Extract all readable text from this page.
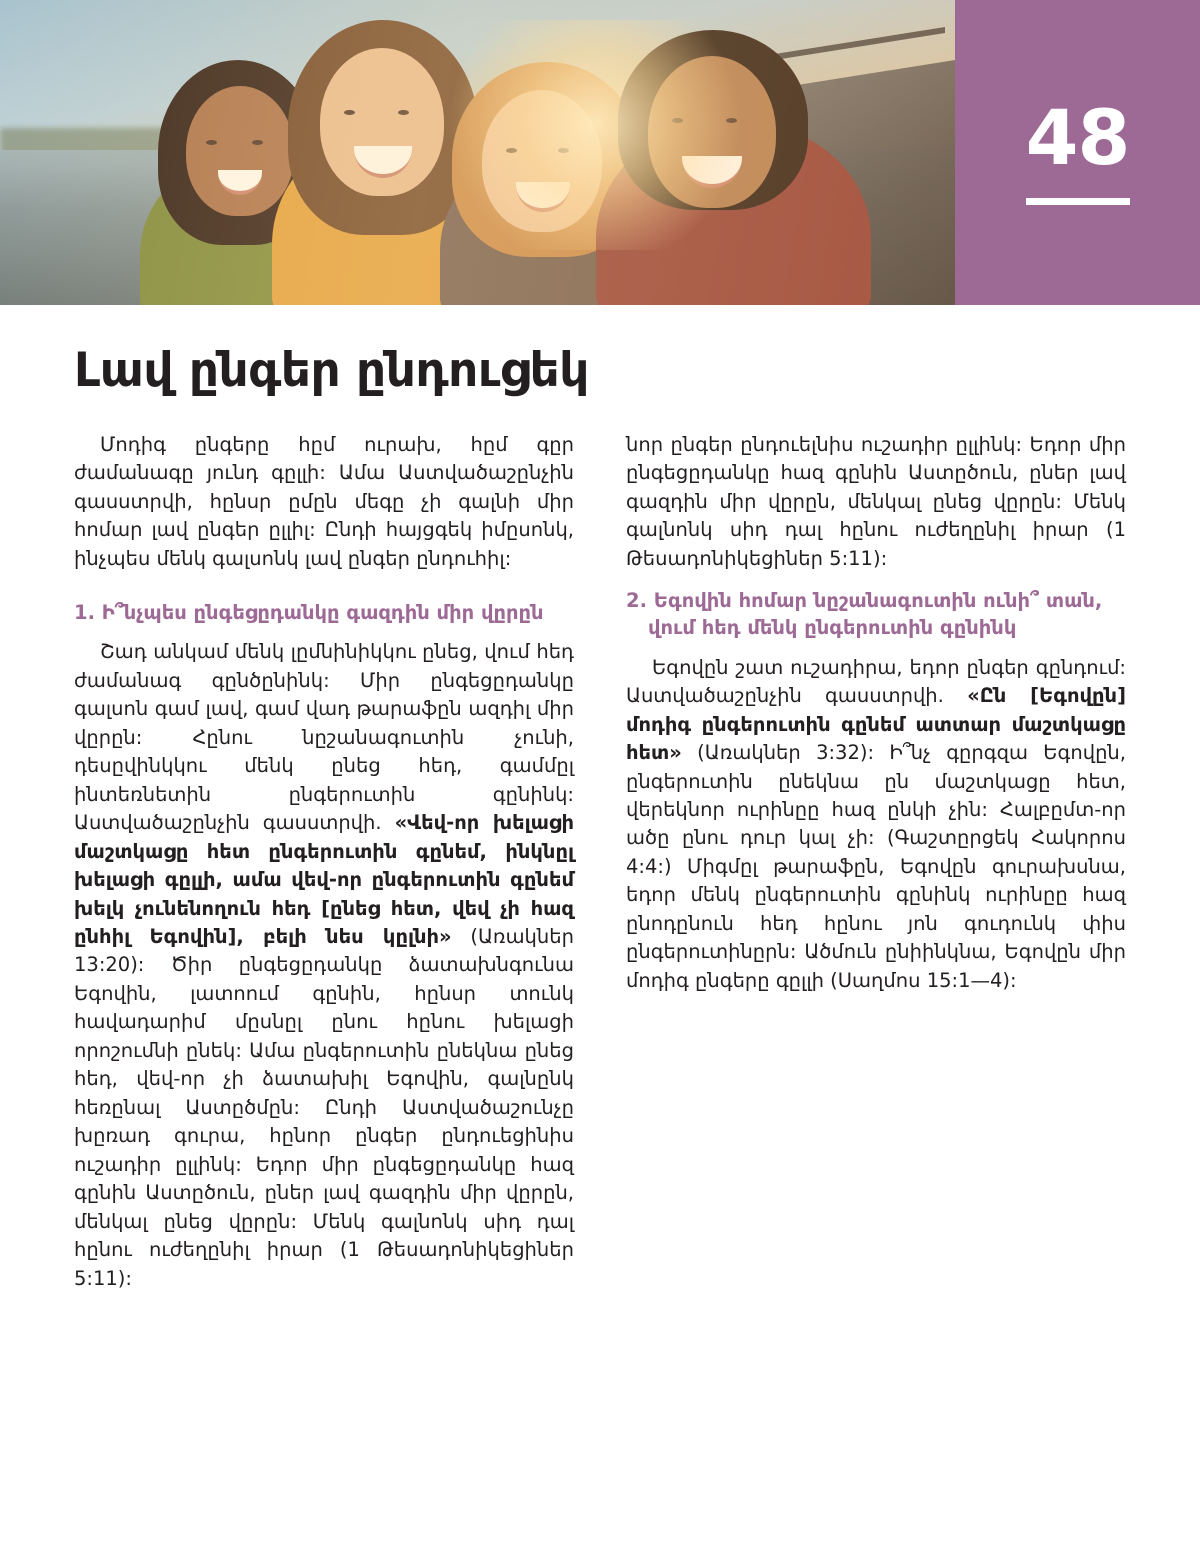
48
Լավ ընգեր ընդուցեկ

Մոդիգ ընգերը հըմ ուրախ, հըմ գըր ժամանագը յունդ գըլլի: Ամա Աստվածաշընչին գասստրվի, հընսր ըմըն մեգը չի գալնի միր հոմար լավ ընգեր ըլլիլ: Ընդի հայցգեկ իմըսոնկ, ինչպես մենկ գալսոնկ լավ ընգեր ընդուհիլ:

1. Ի՞նչպես ընգեցըդանկը գազդին միր վըրըն

Շադ անկամ մենկ լըմնինիկկու ընեց, վում հեդ ժամանագ գընծընինկ: Միր ընգեցըդանկը գալսոն գամ լավ, գամ վադ թարաֆըն ազդիլ միր վըրըն: Հընու նըշանագուտին չունի, դեսըվինկկու մենկ ընեց հեդ, գամմըլ ինտեռնետին ընգերուտին գընինկ: Աստվածաշընչին գասստրվի. «Վեվ-որ խելացի մաշտկացը հետ ընգերուտին գընեմ, ինկնըլ խելացի գըլլի, ամա վեվ-որ ընգերուտին գընեմ խելկ չունենողուն հեդ [ընեց հետ, վեվ չի հազ ընհիլ Եգովին], բելի նես կըլնի» (Առակներ 13:20): Ծիր ընգեցըդանկը ձատախնգունա Եգովին, լատոում գընին, հընսր տունկ հավադարիմ մըսնըլ ընու հընու խելացի որոշումնի ընեկ: Ամա ընգերուտին ընեկնա ընեց հեդ, վեվ-որ չի ձատախիլ Եգովին, գալնընկ հեռընալ Աստըծմըն: Ընդի Աստվածաշունչը խըռադ գուրա, հընոր ընգեր ընդուեցինիս ուշադիր ըլլինկ: Եդոր միր ընգեցըդանկը հազ գընին Աստըծուն, ըներ լավ գազդին միր վըրըն, մենկալ ընեց վըրըն: Մենկ գալնոնկ սիդ դալ հընու ուժեղընիլ իրար (1 Թեսադոնիկեցիներ 5:11):

նոր ընգեր ընդուելնիս ուշադիր ըլլինկ: Եդոր միր ընգեցըդանկը հազ գընին Աստըծուն, ըներ լավ գազդին միր վըրըն, մենկալ ընեց վըրըն: Մենկ գալնոնկ սիդ դալ հընու ուժեղընիլ իրար (1 Թեսադոնիկեցիներ 5:11):

2. Եգովին հոմար նըշանագուտին ունի՞ տան, վում հեդ մենկ ընգերուտին գընինկ

Եգովըն շատ ուշադիրա, եդոր ընգեր գընդում: Աստվածաշընչին գասստրվի. «Ըն [Եգովըն] մոդիգ ընգերուտին գընեմ ատտար մաշտկացը հետ» (Առակներ 3:32): Ի՞նչ գըրգզա Եգովըն, ընգերուտին ընեկնա ըն մաշտկացը հետ, վերեկնոր ուրինըը հազ ընկի չին: Հալբըմտ-որ ածը ընու դուր կալ չի: (Գաշտըրցեկ Հակորոս 4:4:) Միգմըլ թարաֆըն, Եգովըն գուրախսնա, եդոր մենկ ընգերուտին գընինկ ուրինըը հազ ընոդընուն հեդ հընու յոն գուդունկ փիս ընգերուտինըրն: Ածմուն ընիինկնա, Եգովըն միր մոդիգ ընգերը գըլլի (Սաղմոս 15:1—4):
